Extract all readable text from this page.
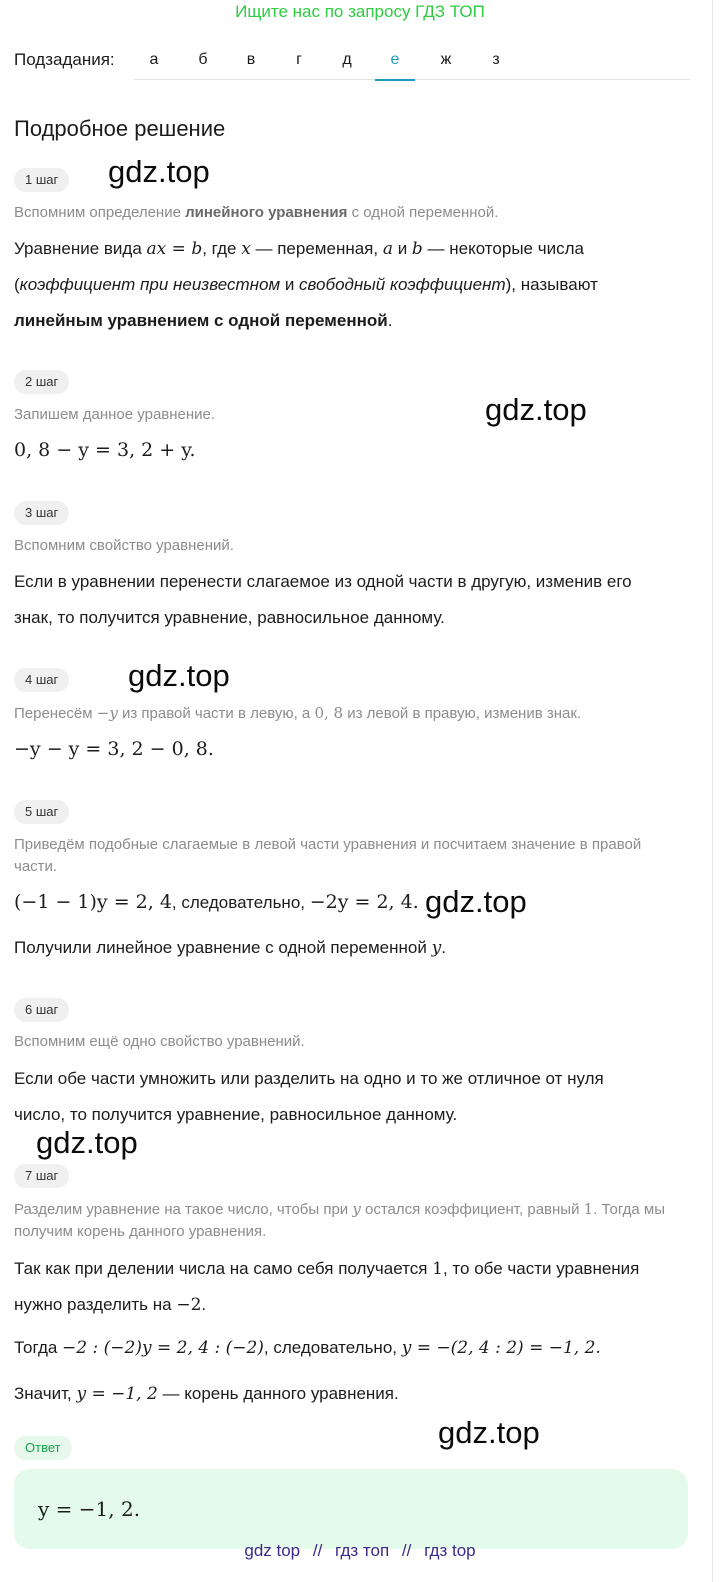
Ищите нас по запросу ГДЗ ТОП
Подзадания:	а	б	в	г	д	е	ж	з
Подробное решение
1 шаг	gdz.top
Вспомним определение линейного уравнения с одной переменной.
Уравнение вида ax = b, где x — переменная, a и b — некоторые числа
(коэффициент при неизвестном и свободный коэффициент), называют
линейным уравнением с одной переменной.
2 шаг
Запишем данное уравнение.	gdz.top
0, 8 − y = 3, 2 + y.
3 шаг
Вспомним свойство уравнений.
Если в уравнении перенести слагаемое из одной части в другую, изменив его
знак, то получится уравнение, равносильное данному.
4 шаг	gdz.top
Перенесём −y из правой части в левую, а 0, 8 из левой в правую, изменив знак.
−y − y = 3, 2 − 0, 8.
5 шаг
Приведём подобные слагаемые в левой части уравнения и посчитаем значение в правой части.
(−1 − 1)y = 2, 4, следовательно, −2y = 2, 4. gdz.top
Получили линейное уравнение с одной переменной y.
6 шаг
Вспомним ещё одно свойство уравнений.
Если обе части умножить или разделить на одно и то же отличное от нуля
число, то получится уравнение, равносильное данному.
gdz.top
7 шаг
Разделим уравнение на такое число, чтобы при y остался коэффициент, равный 1. Тогда мы получим корень данного уравнения.
Так как при делении числа на само себя получается 1, то обе части уравнения
нужно разделить на −2.
Тогда −2 : (−2)y = 2, 4 : (−2), следовательно, y = −(2, 4 : 2) = −1, 2.
Значит, y = −1, 2 — корень данного уравнения.
gdz.top
Ответ
y = −1, 2.
gdz top // гдз топ // гдз top
